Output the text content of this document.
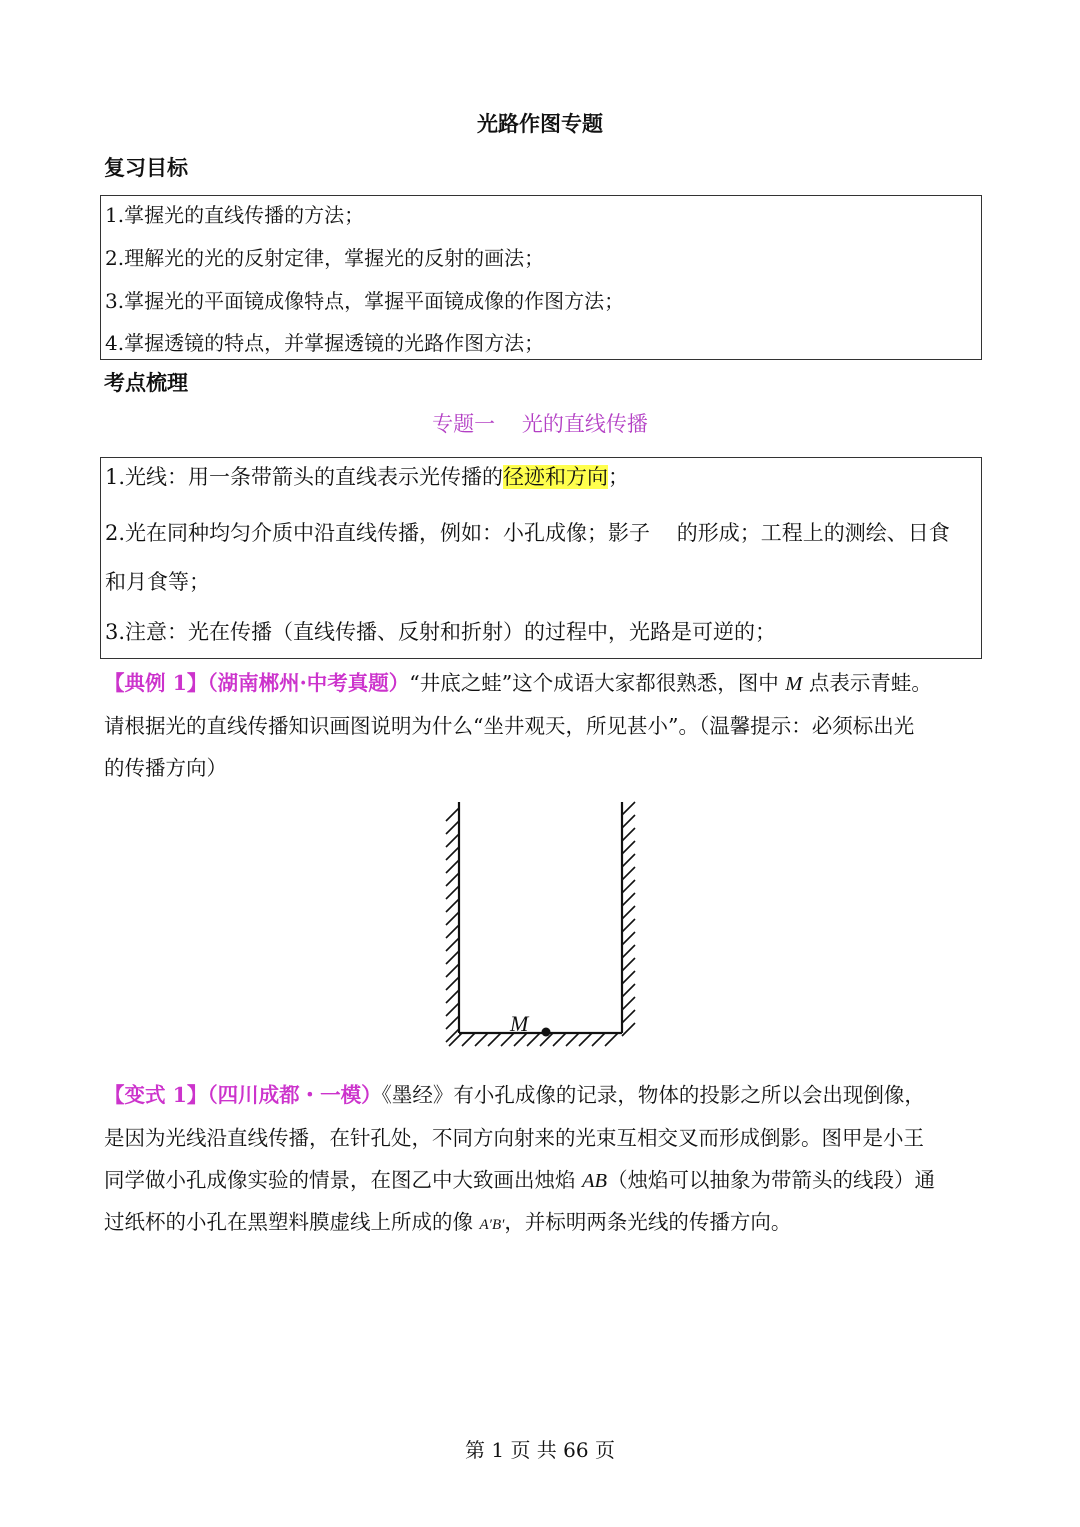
光路作图专题
复习目标
1.掌握光的直线传播的方法；
2.理解光的光的反射定律，掌握光的反射的画法；
3.掌握光的平面镜成像特点，掌握平面镜成像的作图方法；
4.掌握透镜的特点，并掌握透镜的光路作图方法；
考点梳理
专题一    光的直线传播
1.光线：用一条带箭头的直线表示光传播的径迹和方向；
2.光在同种均匀介质中沿直线传播，例如：小孔成像；影子    的形成；工程上的测绘、日食
和月食等；
3.注意：光在传播（直线传播、反射和折射）的过程中，光路是可逆的；
【典例 1】（湖南郴州·中考真题）“井底之蛙”这个成语大家都很熟悉，图中 M 点表示青蛙。
请根据光的直线传播知识画图说明为什么“坐井观天，所见甚小”。（温馨提示：必须标出光
的传播方向）
M
【变式 1】（四川成都・一模）《墨经》有小孔成像的记录，物体的投影之所以会出现倒像，
是因为光线沿直线传播，在针孔处，不同方向射来的光束互相交叉而形成倒影。图甲是小王
同学做小孔成像实验的情景，在图乙中大致画出烛焰 AB（烛焰可以抽象为带箭头的线段）通
过纸杯的小孔在黑塑料膜虚线上所成的像 A′B′，并标明两条光线的传播方向。
第 1 页 共 66 页
